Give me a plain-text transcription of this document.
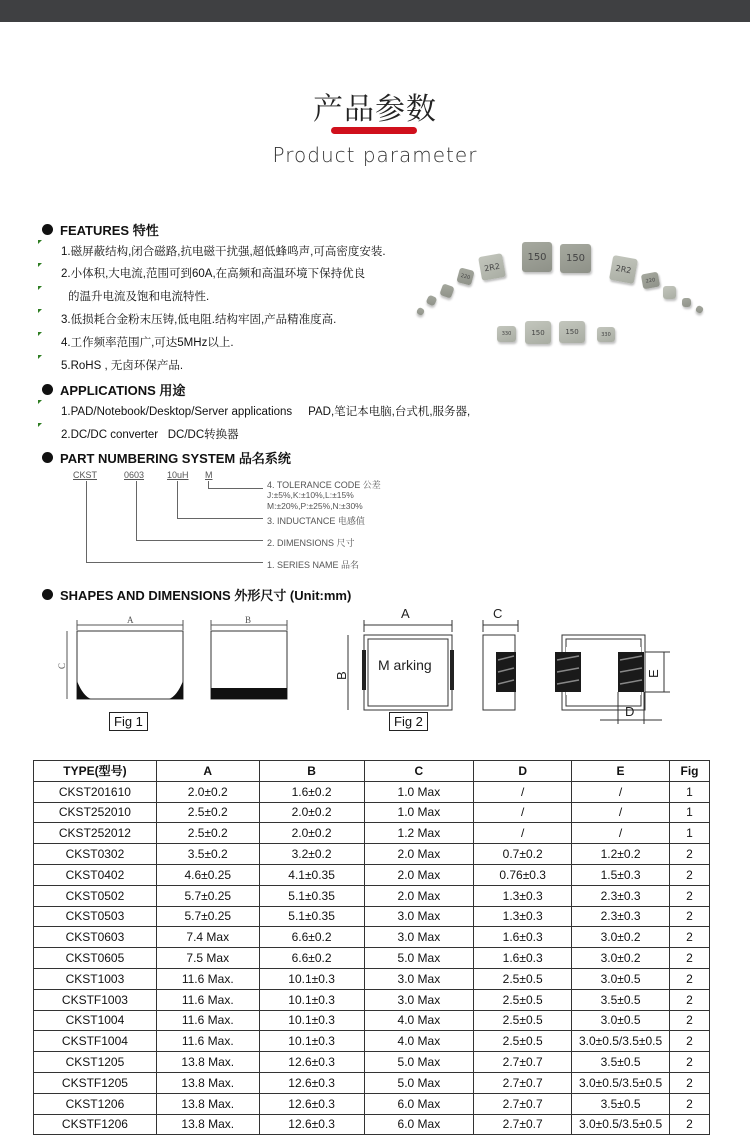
产品参数
Product parameter
FEATURES 特性
1.磁屏蔽结构,闭合磁路,抗电磁干扰强,超低蜂鸣声,可高密度安装.
2.小体积,大电流,范围可到60A,在高频和高温环境下保持优良
的温升电流及饱和电流特性.
3.低损耗合金粉末压铸,低电阻.结构牢固,产品精准度高.
4.工作频率范围广,可达5MHz以上.
5.RoHS , 无卤环保产品.
220
2R2
150	150
2R2
220
330	150	150	330
APPLICATIONS 用途
1.PAD/Notebook/Desktop/Server applications     PAD,笔记本电脑,台式机,服务器,
2.DC/DC converter   DC/DC转换器
PART NUMBERING SYSTEM 品名系统
CKST	0603	10uH M
4. TOLERANCE CODE 公差
J:±5%,K:±10%,L:±15%
M:±20%,P:±25%,N:±30%
3. INDUCTANCE 电感值
2. DIMENSIONS 尺寸
1. SERIES NAME 品名
SHAPES AND DIMENSIONS 外形尺寸 (Unit:mm)
A
C
B
Fig 1
A
B
M arking
C
E
D
Fig 2
TYPE(型号)	A	B	C	D	E	Fig
CKST201610	2.0±0.2	1.6±0.2	1.0 Max	/	/	1
CKST252010	2.5±0.2	2.0±0.2	1.0 Max	/	/	1
CKST252012	2.5±0.2	2.0±0.2	1.2 Max	/	/	1
CKST0302	3.5±0.2	3.2±0.2	2.0 Max	0.7±0.2	1.2±0.2	2
CKST0402	4.6±0.25	4.1±0.35	2.0 Max	0.76±0.3	1.5±0.3	2
CKST0502	5.7±0.25	5.1±0.35	2.0 Max	1.3±0.3	2.3±0.3	2
CKST0503	5.7±0.25	5.1±0.35	3.0 Max	1.3±0.3	2.3±0.3	2
CKST0603	7.4 Max	6.6±0.2	3.0 Max	1.6±0.3	3.0±0.2	2
CKST0605	7.5 Max	6.6±0.2	5.0 Max	1.6±0.3	3.0±0.2	2
CKST1003	11.6 Max.	10.1±0.3	3.0 Max	2.5±0.5	3.0±0.5	2
CKSTF1003	11.6 Max.	10.1±0.3	3.0 Max	2.5±0.5	3.5±0.5	2
CKST1004	11.6 Max.	10.1±0.3	4.0 Max	2.5±0.5	3.0±0.5	2
CKSTF1004	11.6 Max.	10.1±0.3	4.0 Max	2.5±0.5	3.0±0.5/3.5±0.5	2
CKST1205	13.8 Max.	12.6±0.3	5.0 Max	2.7±0.7	3.5±0.5	2
CKSTF1205	13.8 Max.	12.6±0.3	5.0 Max	2.7±0.7	3.0±0.5/3.5±0.5	2
CKST1206	13.8 Max.	12.6±0.3	6.0 Max	2.7±0.7	3.5±0.5	2
CKSTF1206	13.8 Max.	12.6±0.3	6.0 Max	2.7±0.7	3.0±0.5/3.5±0.5	2
